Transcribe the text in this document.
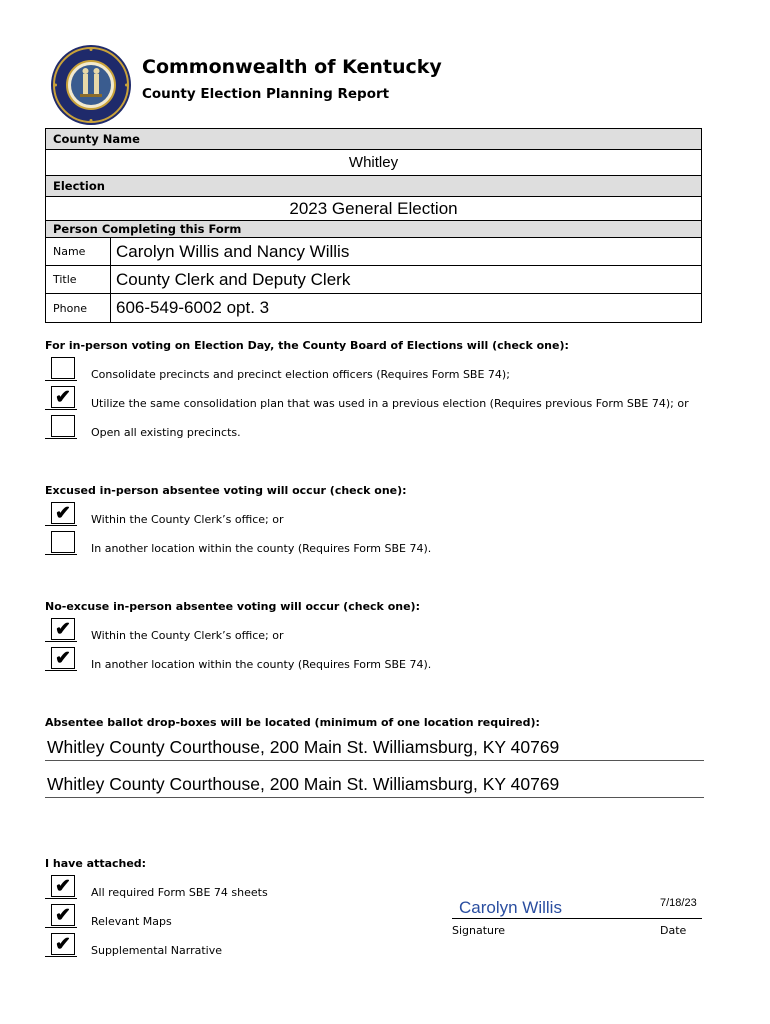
Commonwealth of Kentucky
County Election Planning Report
County Name
Whitley
Election
2023 General Election
Person Completing this Form
Name	Carolyn Willis and Nancy Willis
Title	County Clerk and Deputy Clerk
Phone	606-549-6002 opt. 3
For in-person voting on Election Day, the County Board of Elections will (check one):
Consolidate precincts and precinct election officers (Requires Form SBE 74);
✔	Utilize the same consolidation plan that was used in a previous election (Requires previous Form SBE 74); or
Open all existing precincts.
Excused in-person absentee voting will occur (check one):
✔	Within the County Clerk’s office; or
In another location within the county (Requires Form SBE 74).
No-excuse in-person absentee voting will occur (check one):
✔	Within the County Clerk’s office; or
✔	In another location within the county (Requires Form SBE 74).
Absentee ballot drop-boxes will be located (minimum of one location required):
Whitley County Courthouse, 200 Main St. Williamsburg, KY 40769
Whitley County Courthouse, 200 Main St. Williamsburg, KY 40769
I have attached:
✔	All required Form SBE 74 sheets
✔	Relevant Maps
✔	Supplemental Narrative
Carolyn Willis	7/18/23
Signature	Date
